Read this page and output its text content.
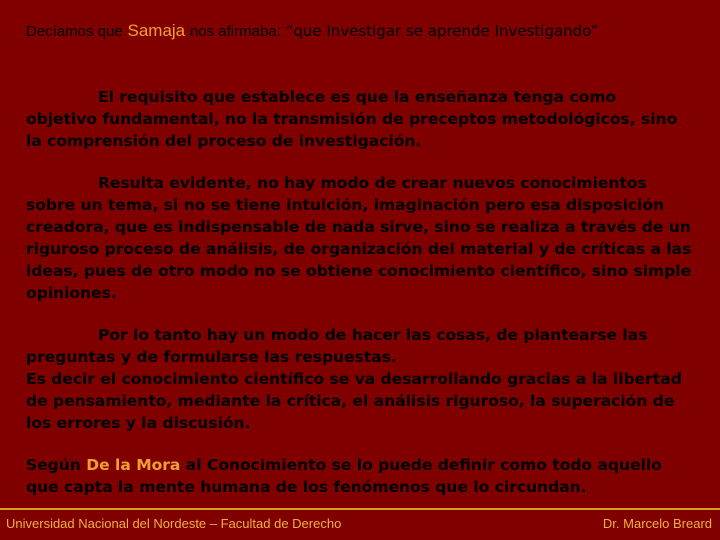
Decíamos que Samaja nos afirmaba: “que Investigar se aprende Investigando”
El requisito que establece es que la enseñanza tenga como
objetivo fundamental, no la transmisión de preceptos metodológicos, sino la comprensión del proceso de investigación.
Resulta evidente, no hay modo de crear nuevos conocimientos
sobre un tema, si no se tiene intuición, imaginación pero esa disposición creadora, que es indispensable de nada sirve, sino se realiza a través de un riguroso proceso de análisis, de organización del material y de críticas a las ideas, pues de otro modo no se obtiene conocimiento científico, sino simple opiniones.
Por lo tanto hay un modo de hacer las cosas, de plantearse las
preguntas y de formularse las respuestas.
Es decir el conocimiento científico se va desarrollando gracias a la libertad de pensamiento, mediante la crítica, el análisis riguroso, la superación de los errores y la discusión.
Según De la Mora al Conocimiento se lo puede definir como todo aquello que capta la mente humana de los fenómenos que lo circundan.
Universidad Nacional del Nordeste – Facultad de Derecho	Dr. Marcelo Breard
